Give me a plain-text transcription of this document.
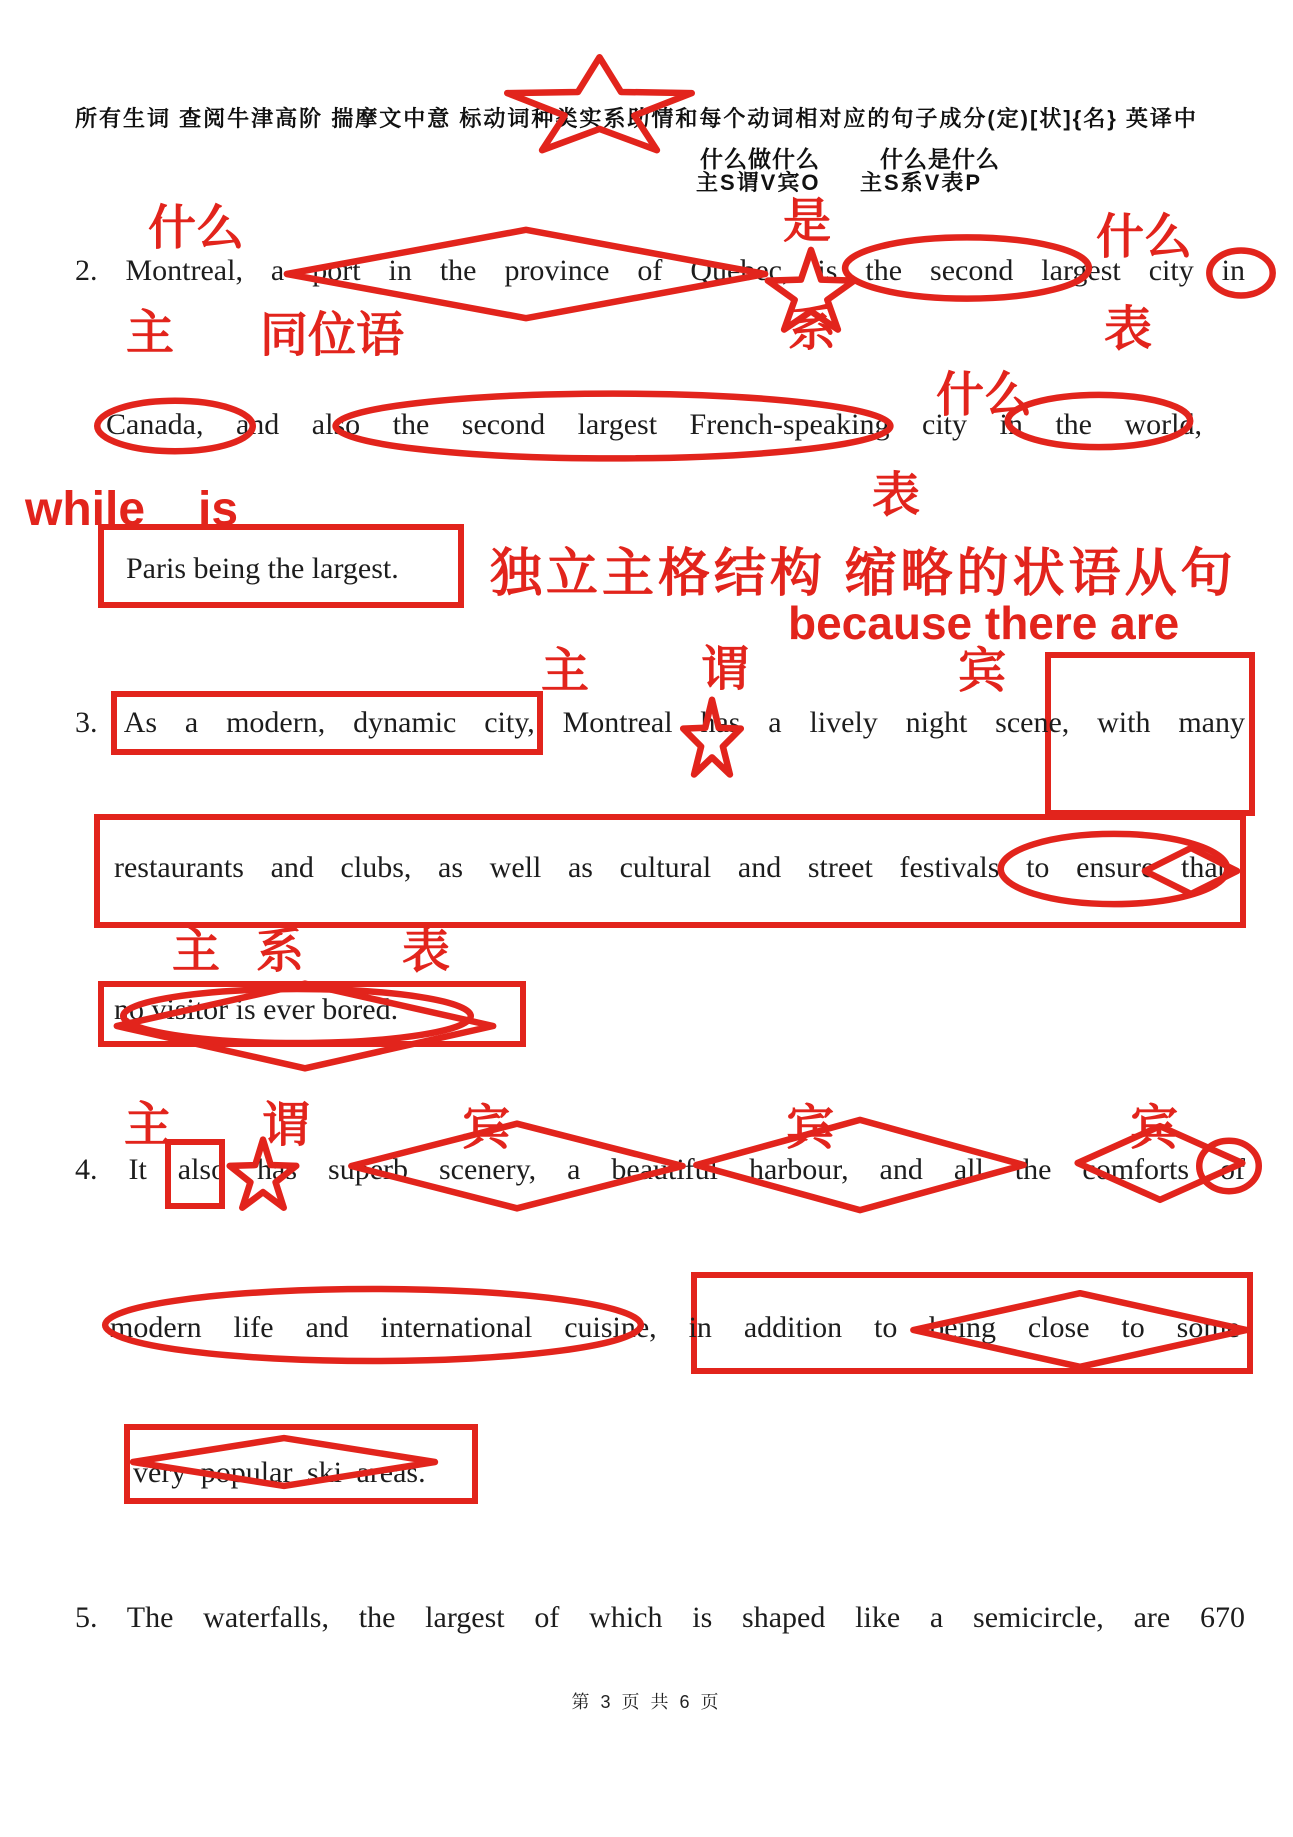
所有生词 查阅牛津高阶 揣摩文中意 标动词种类实系助情和每个动词相对应的句子成分(定)[状]{名} 英译中
什么做什么	什么是什么
主S谓V宾O 主S系V表P
什么	是	什么
2. Montreal, a port in the province of Quebec, is the second largest city in
主 同位语	系	表
什么
Canada, and also the second largest French-speaking city in the world,
表
while is
Paris being the largest. 独立主格结构 缩略的状语从句
because there are
主 谓	宾
3. As a modern, dynamic city, Montreal has a lively night scene, with many
restaurants and clubs, as well as cultural and street festivals to ensure that
主 系 表
no visitor is ever bored.
主 谓	宾	宾	宾
4. It also has superb scenery, a beautiful harbour, and all the comforts of
modern life and international cuisine, in addition to being close to some
very popular ski areas.
5. The waterfalls, the largest of which is shaped like a semicircle, are 670
第 3 页 共 6 页
